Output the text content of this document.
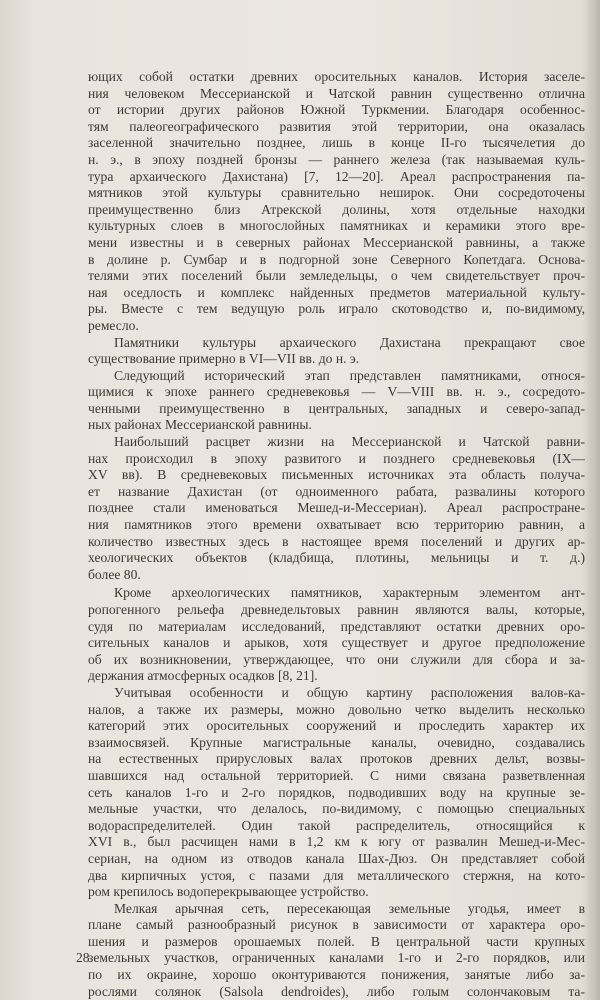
ющих собой остатки древних оросительных каналов. История заселе-
ния человеком Мессерианской и Чатской равнин существенно отлична
от истории других районов Южной Туркмении. Благодаря особеннос-
тям палеогеографического развития этой территории, она оказалась
заселенной значительно позднее, лишь в конце II-го тысячелетия до
н. э., в эпоху поздней бронзы — раннего железа (так называемая куль-
тура архаического Дахистана) [7, 12—20]. Ареал распространения па-
мятников этой культуры сравнительно неширок. Они сосредоточены
преимущественно близ Атрекской долины, хотя отдельные находки
культурных слоев в многослойных памятниках и керамики этого вре-
мени известны и в северных районах Мессерианской равнины, а также
в долине р. Сумбар и в подгорной зоне Северного Копетдага. Основа-
телями этих поселений были земледельцы, о чем свидетельствует проч-
ная оседлость и комплекс найденных предметов материальной культу-
ры. Вместе с тем ведущую роль играло скотоводство и, по-видимому,
ремесло.
Памятники культуры архаического Дахистана прекращают свое
существование примерно в VI—VII вв. до н. э.
Следующий исторический этап представлен памятниками, относя-
щимися к эпохе раннего средневековья — V—VIII вв. н. э., сосредото-
ченными преимущественно в центральных, западных и северо-запад-
ных районах Мессерианской равнины.
Наибольший расцвет жизни на Мессерианской и Чатской равни-
нах происходил в эпоху развитого и позднего средневековья (IX—
XV вв). В средневековых письменных источниках эта область получа-
ет название Дахистан (от одноименного рабата, развалины которого
позднее стали именоваться Мешед-и-Мессериан). Ареал распростране-
ния памятников этого времени охватывает всю территорию равнин, а
количество известных здесь в настоящее время поселений и других ар-
хеологических объектов (кладбища, плотины, мельницы и т. д.)
более 80.
Кроме археологических памятников, характерным элементом ант-
ропогенного рельефа древнедельтовых равнин являются валы, которые,
судя по материалам исследований, представляют остатки древних оро-
сительных каналов и арыков, хотя существует и другое предположение
об их возникновении, утверждающее, что они служили для сбора и за-
держания атмосферных осадков [8, 21].
Учитывая особенности и общую картину расположения валов-ка-
налов, а также их размеры, можно довольно четко выделить несколько
категорий этих оросительных сооружений и проследить характер их
взаимосвязей. Крупные магистральные каналы, очевидно, создавались
на естественных прирусловых валах протоков древних дельт, возвы-
шавшихся над остальной территорией. С ними связана разветвленная
сеть каналов 1-го и 2-го порядков, подводивших воду на крупные зе-
мельные участки, что делалось, по-видимому, с помощью специальных
водораспределителей. Один такой распределитель, относящийся к
XVI в., был расчищен нами в 1,2 км к югу от развалин Мешед-и-Мес-
сериан, на одном из отводов канала Шах-Дюз. Он представляет собой
два кирпичных устоя, с пазами для металлического стержня, на кото-
ром крепилось водоперекрывающее устройство.
Мелкая арычная сеть, пересекающая земельные угодья, имеет в
плане самый разнообразный рисунок в зависимости от характера оро-
шения и размеров орошаемых полей. В центральной части крупных
земельных участков, ограниченных каналами 1-го и 2-го порядков, или
по их окраине, хорошо оконтуриваются понижения, занятые либо за-
рослями солянок (Salsola dendroides), либо голым солончаковым та-
28
